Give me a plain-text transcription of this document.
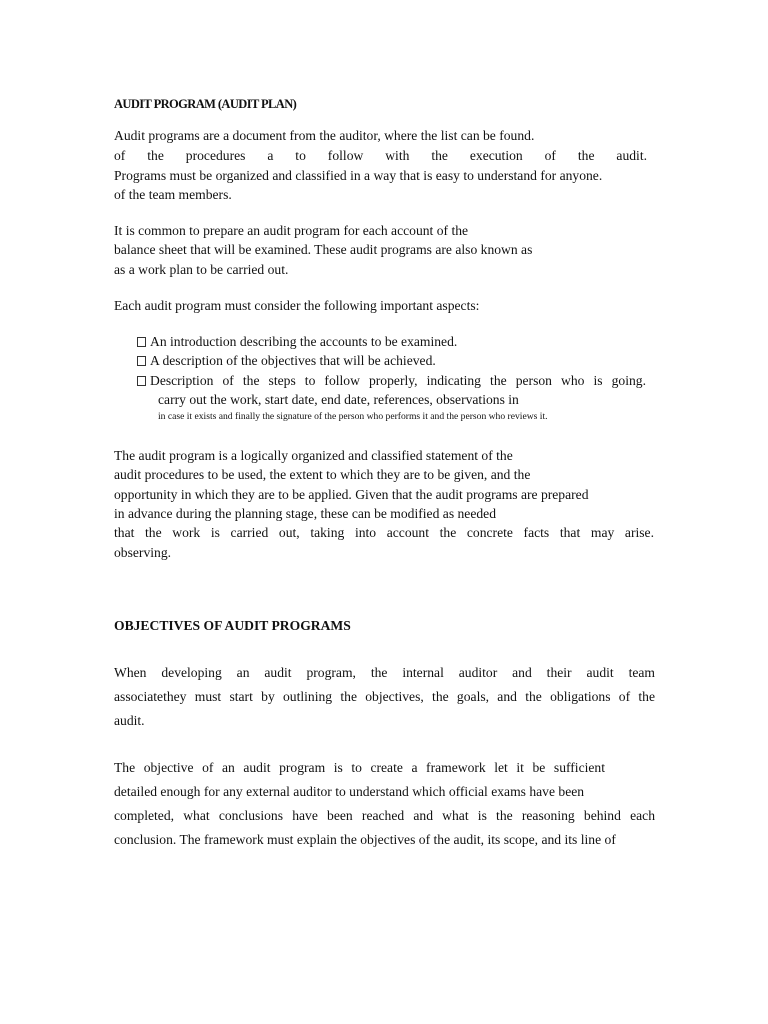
AUDIT PROGRAM (AUDIT PLAN)
Audit programs are a document from the auditor, where the list can be found.
of the procedures a to follow with the execution of the audit.
Programs must be organized and classified in a way that is easy to understand for anyone.
of the team members.
It is common to prepare an audit program for each account of the
balance sheet that will be examined. These audit programs are also known as
as a work plan to be carried out.
Each audit program must consider the following important aspects:
An introduction describing the accounts to be examined.
A description of the objectives that will be achieved.
Description of the steps to follow properly, indicating the person who is going.
carry out the work, start date, end date, references, observations in
in case it exists and finally the signature of the person who performs it and the person who reviews it.
The audit program is a logically organized and classified statement of the
audit procedures to be used, the extent to which they are to be given, and the
opportunity in which they are to be applied. Given that the audit programs are prepared
in advance during the planning stage, these can be modified as needed
that the work is carried out, taking into account the concrete facts that may arise.
observing.
OBJECTIVES OF AUDIT PROGRAMS
When developing an audit program, the internal auditor and their audit team
associatethey must start by outlining the objectives, the goals, and the obligations of the
audit.
The objective of an audit program is to create a framework let it be sufficient
detailed enough for any external auditor to understand which official exams have been
completed, what conclusions have been reached and what is the reasoning behind each
conclusion. The framework must explain the objectives of the audit, its scope, and its line of
